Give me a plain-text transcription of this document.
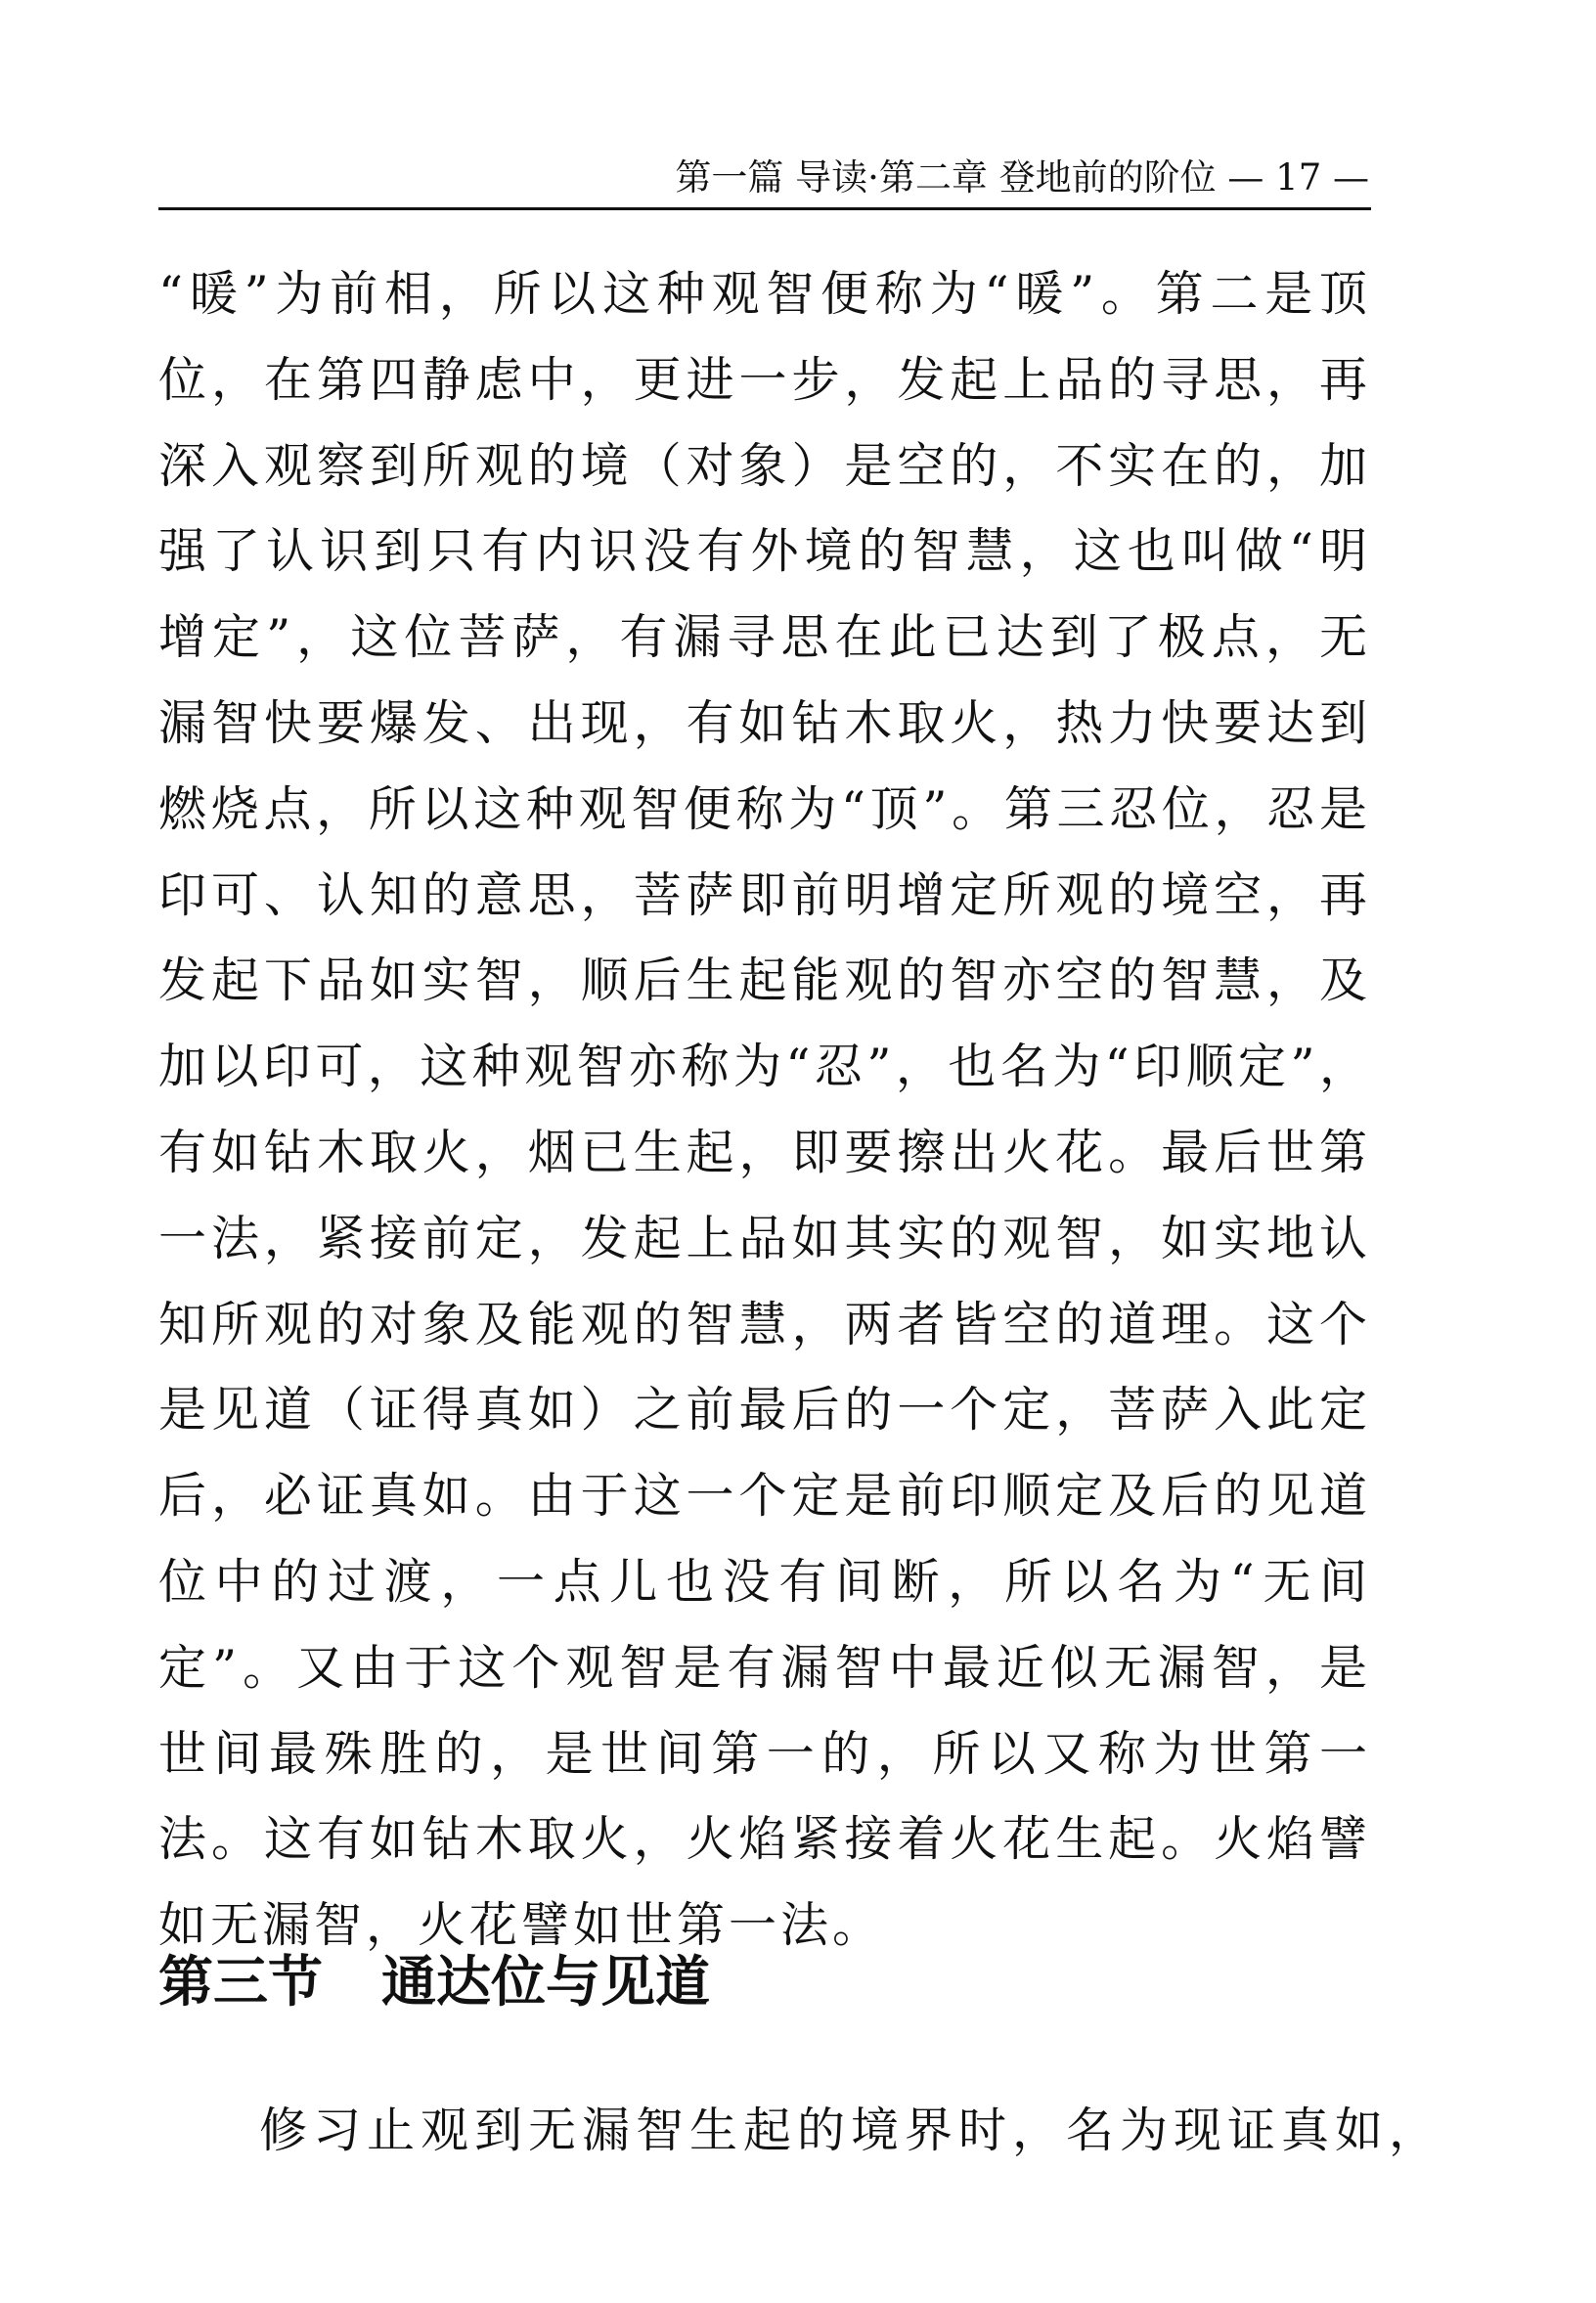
第一篇 导读·第二章 登地前的阶位 — 17 —

“暖”为前相，所以这种观智便称为“暖”。第二是顶位，在第四静虑中，更进一步，发起上品的寻思，再深入观察到所观的境（对象）是空的，不实在的，加强了认识到只有内识没有外境的智慧，这也叫做“明增定”，这位菩萨，有漏寻思在此已达到了极点，无漏智快要爆发、出现，有如钻木取火，热力快要达到燃烧点，所以这种观智便称为“顶”。第三忍位，忍是印可、认知的意思，菩萨即前明增定所观的境空，再发起下品如实智，顺后生起能观的智亦空的智慧，及加以印可，这种观智亦称为“忍”，也名为“印顺定”，有如钻木取火，烟已生起，即要擦出火花。最后世第一法，紧接前定，发起上品如其实的观智，如实地认知所观的对象及能观的智慧，两者皆空的道理。这个是见道（证得真如）之前最后的一个定，菩萨入此定后，必证真如。由于这一个定是前印顺定及后的见道位中的过渡，一点儿也没有间断，所以名为“无间定”。又由于这个观智是有漏智中最近似无漏智，是世间最殊胜的，是世间第一的，所以又称为世第一法。这有如钻木取火，火焰紧接着火花生起。火焰譬如无漏智，火花譬如世第一法。

第三节 通达位与见道
修习止观到无漏智生起的境界时，名为现证真如，
